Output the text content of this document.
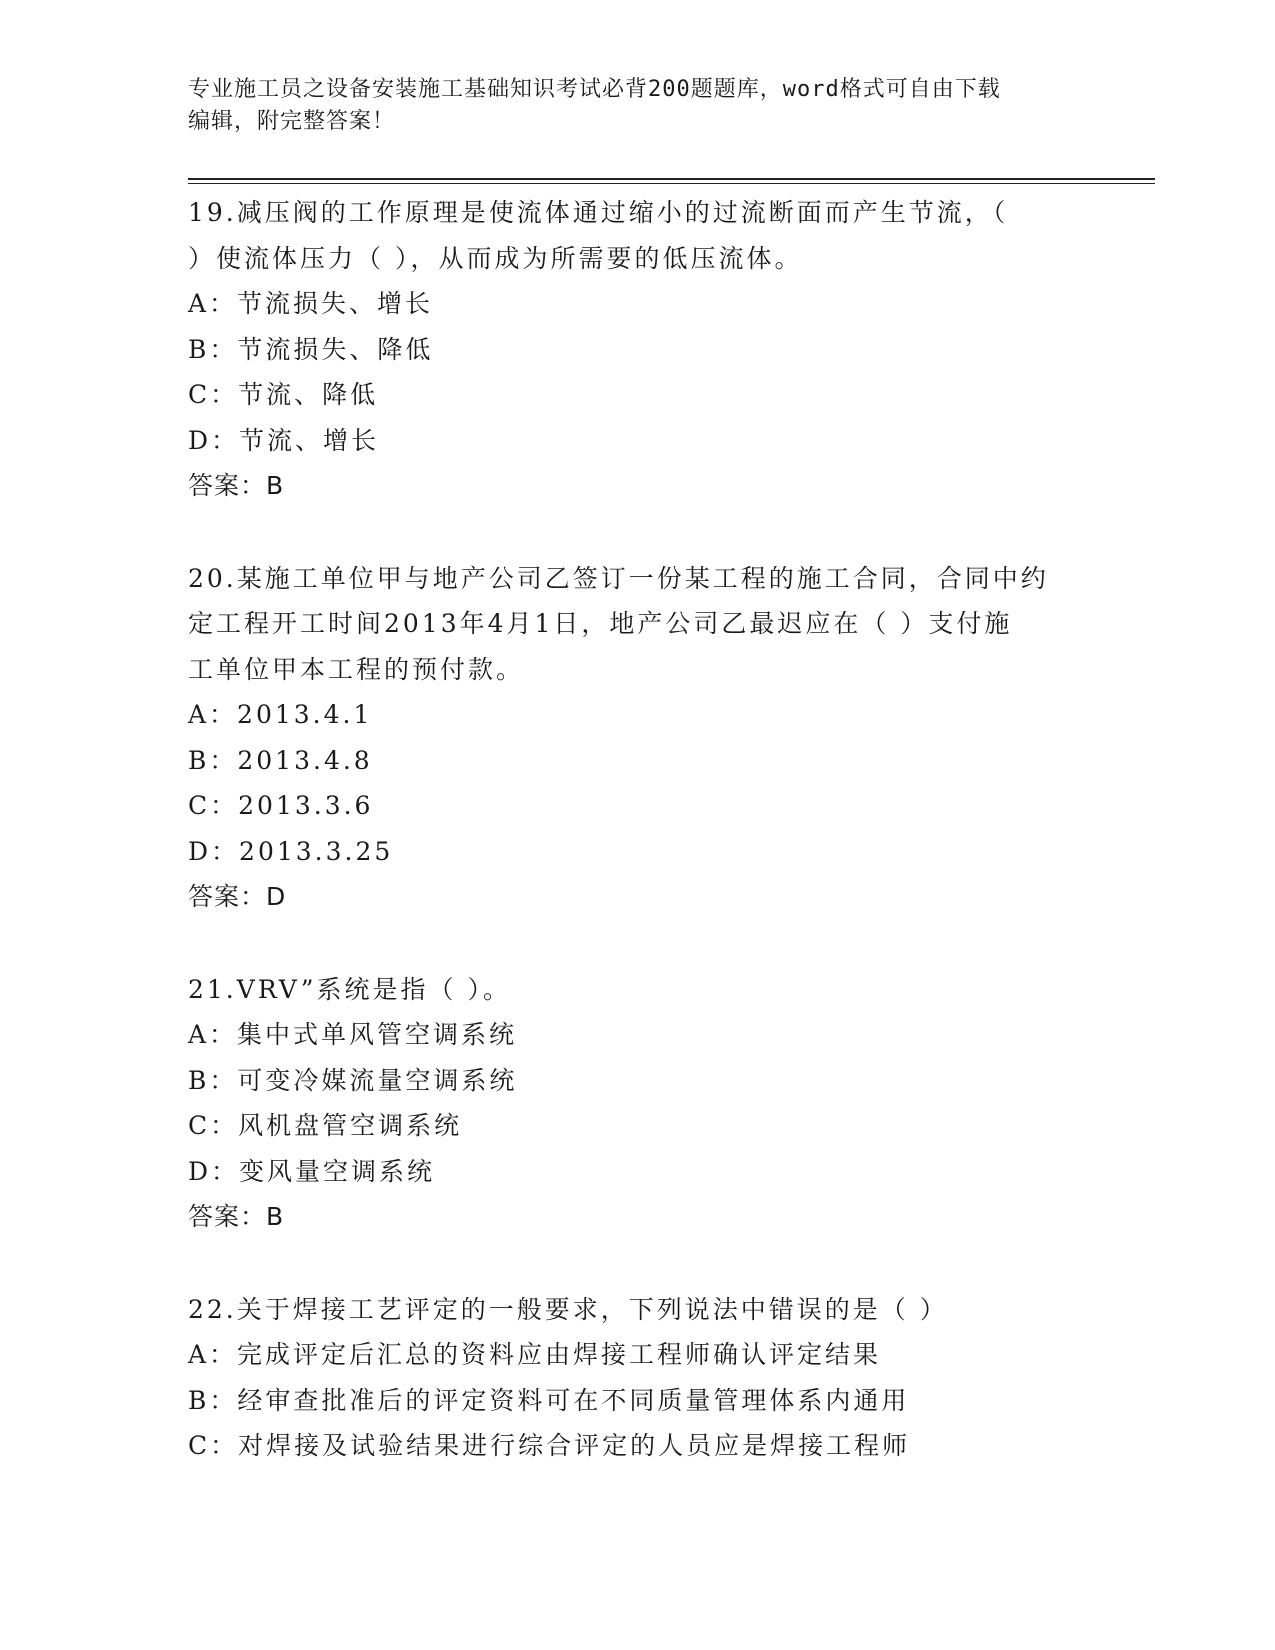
专业施工员之设备安装施工基础知识考试必背200题题库，word格式可自由下载
编辑，附完整答案！

19.减压阀的工作原理是使流体通过缩小的过流断面而产生节流，（

）使流体压力（ ），从而成为所需要的低压流体。

A：节流损失、增长

B：节流损失、降低

C：节流、降低

D：节流、增长

答案：B

20.某施工单位甲与地产公司乙签订一份某工程的施工合同，合同中约

定工程开工时间2013年4月1日，地产公司乙最迟应在（ ）支付施

工单位甲本工程的预付款。

A：2013.4.1

B：2013.4.8

C：2013.3.6

D：2013.3.25

答案：D

21.VRV”系统是指（ ）。

A：集中式单风管空调系统

B：可变冷媒流量空调系统

C：风机盘管空调系统

D：变风量空调系统

答案：B

22.关于焊接工艺评定的一般要求，下列说法中错误的是（ ）

A：完成评定后汇总的资料应由焊接工程师确认评定结果

B：经审查批准后的评定资料可在不同质量管理体系内通用

C：对焊接及试验结果进行综合评定的人员应是焊接工程师
